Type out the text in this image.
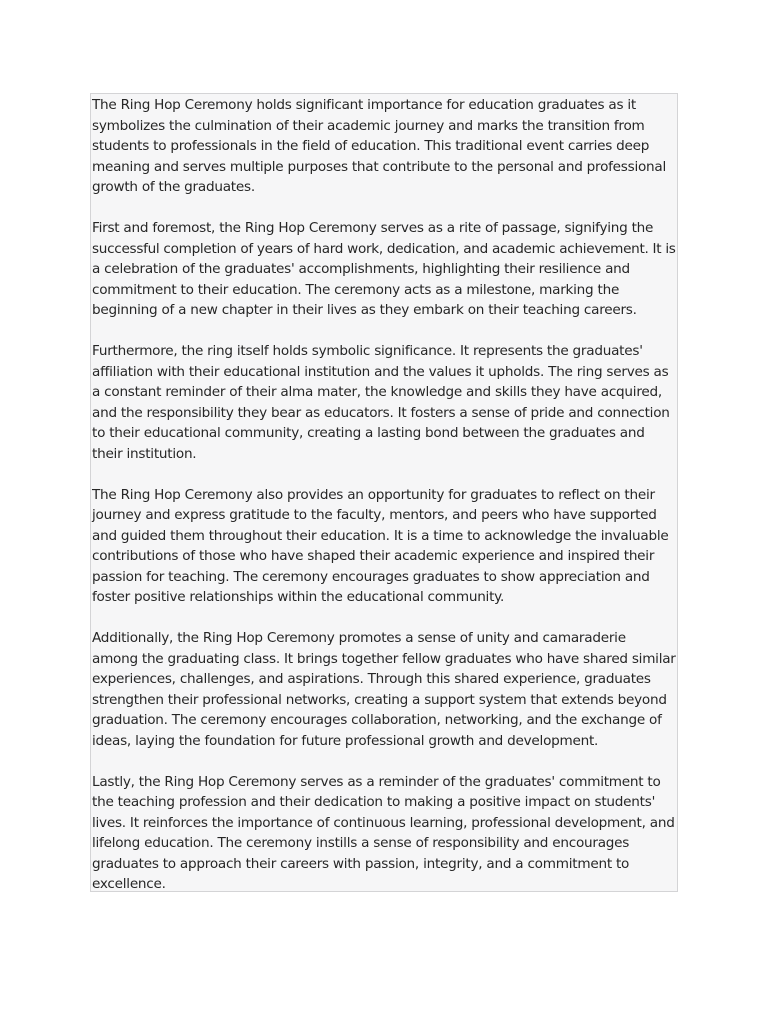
The Ring Hop Ceremony holds significant importance for education graduates as it
symbolizes the culmination of their academic journey and marks the transition from
students to professionals in the field of education. This traditional event carries deep
meaning and serves multiple purposes that contribute to the personal and professional
growth of the graduates.

First and foremost, the Ring Hop Ceremony serves as a rite of passage, signifying the
successful completion of years of hard work, dedication, and academic achievement. It is
a celebration of the graduates' accomplishments, highlighting their resilience and
commitment to their education. The ceremony acts as a milestone, marking the
beginning of a new chapter in their lives as they embark on their teaching careers.

Furthermore, the ring itself holds symbolic significance. It represents the graduates'
affiliation with their educational institution and the values it upholds. The ring serves as
a constant reminder of their alma mater, the knowledge and skills they have acquired,
and the responsibility they bear as educators. It fosters a sense of pride and connection
to their educational community, creating a lasting bond between the graduates and
their institution.

The Ring Hop Ceremony also provides an opportunity for graduates to reflect on their
journey and express gratitude to the faculty, mentors, and peers who have supported
and guided them throughout their education. It is a time to acknowledge the invaluable
contributions of those who have shaped their academic experience and inspired their
passion for teaching. The ceremony encourages graduates to show appreciation and
foster positive relationships within the educational community.

Additionally, the Ring Hop Ceremony promotes a sense of unity and camaraderie
among the graduating class. It brings together fellow graduates who have shared similar
experiences, challenges, and aspirations. Through this shared experience, graduates
strengthen their professional networks, creating a support system that extends beyond
graduation. The ceremony encourages collaboration, networking, and the exchange of
ideas, laying the foundation for future professional growth and development.

Lastly, the Ring Hop Ceremony serves as a reminder of the graduates' commitment to
the teaching profession and their dedication to making a positive impact on students'
lives. It reinforces the importance of continuous learning, professional development, and
lifelong education. The ceremony instills a sense of responsibility and encourages
graduates to approach their careers with passion, integrity, and a commitment to
excellence.
